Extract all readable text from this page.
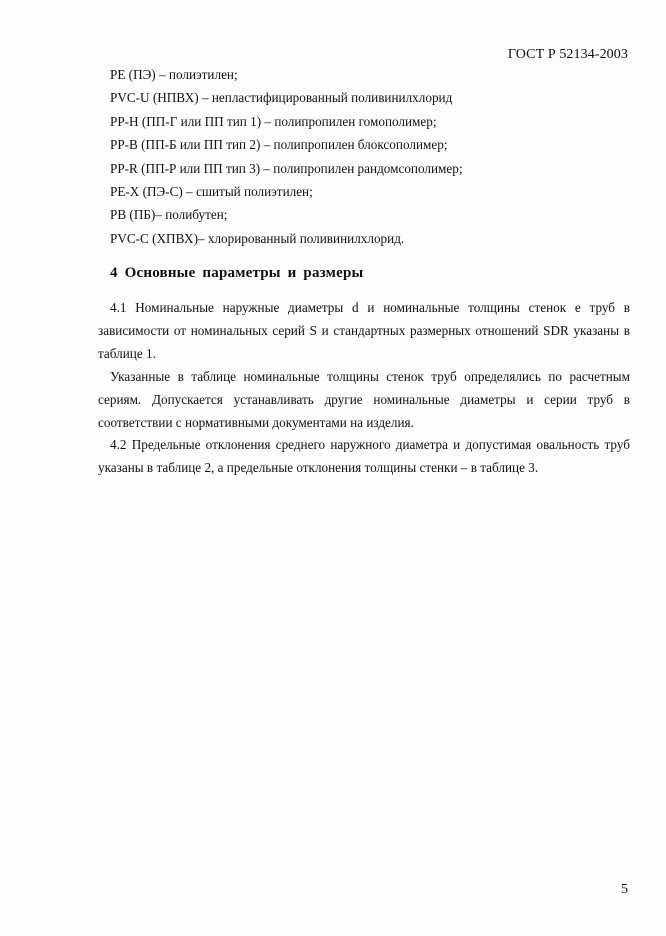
ГОСТ Р 52134-2003
PE (ПЭ) – полиэтилен;
PVC-U (НПВХ) – непластифицированный поливинилхлорид
PP-H (ПП-Г или ПП тип 1) – полипропилен гомополимер;
PP-B (ПП-Б или ПП тип 2) – полипропилен блоксополимер;
PP-R (ПП-Р или ПП тип 3) – полипропилен рандомсополимер;
PE-X (ПЭ-С) – сшитый полиэтилен;
PB (ПБ)– полибутен;
PVC-C (ХПВХ)– хлорированный поливинилхлорид.
4 Основные параметры и размеры

4.1 Номинальные наружные диаметры d и номинальные толщины стенок e труб в зависимости от номинальных серий S и стандартных размерных отношений SDR указаны в таблице 1.

Указанные в таблице номинальные толщины стенок труб определялись по расчетным сериям. Допускается устанавливать другие номинальные диаметры и серии труб в соответствии с нормативными документами на изделия.

4.2 Предельные отклонения среднего наружного диаметра и допустимая овальность труб указаны в таблице 2, а предельные отклонения толщины стенки – в таблице 3.

5
